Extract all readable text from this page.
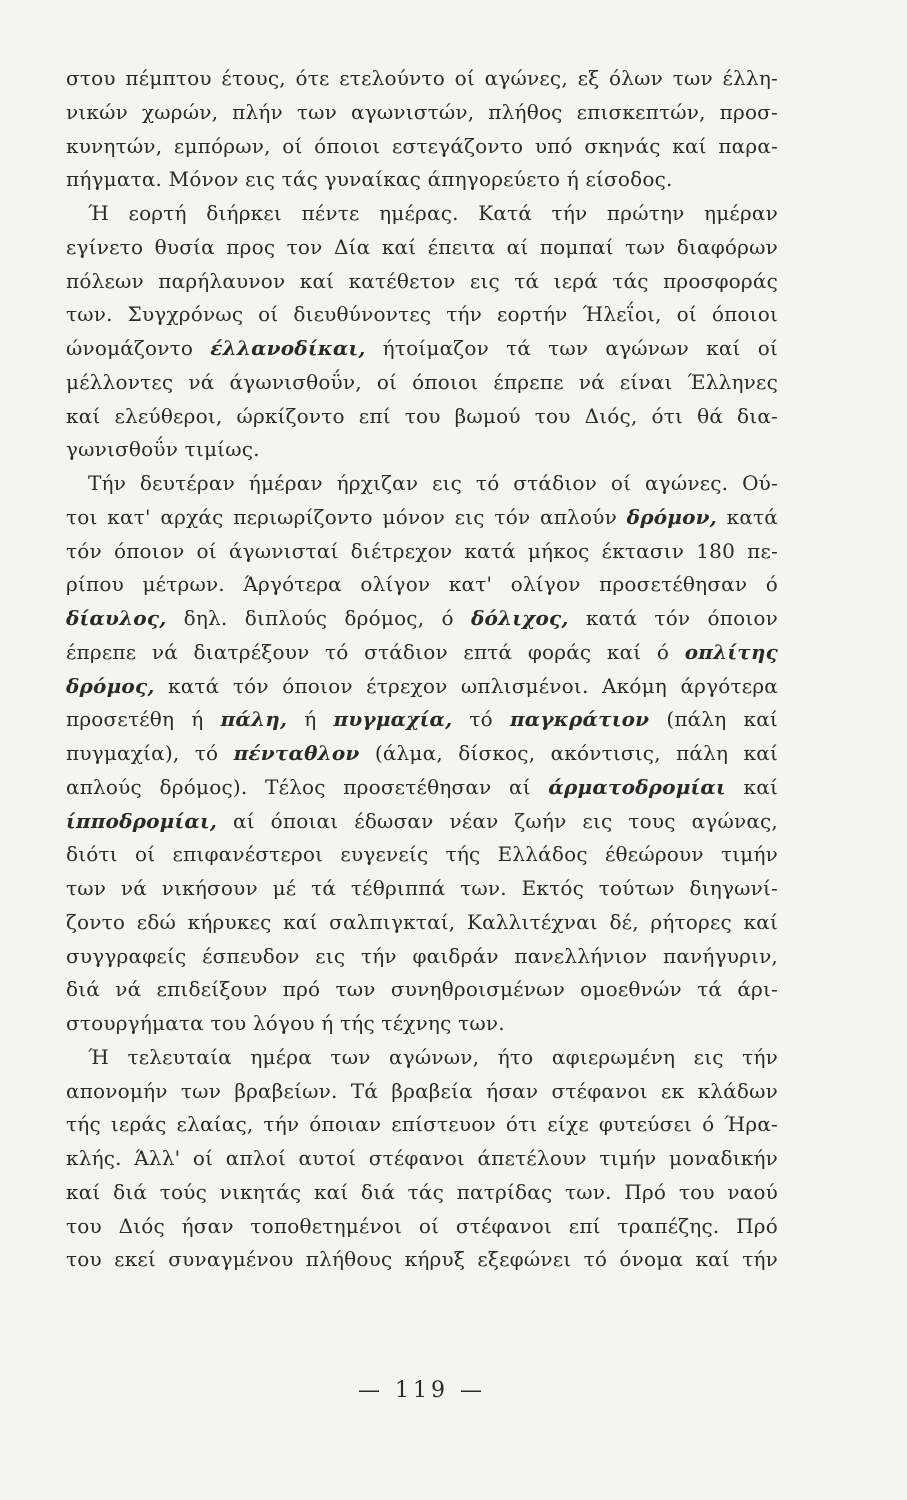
στου πέμπτου έτους, ότε ετελούντο οί αγώνες, εξ όλων των έλλη-
νικών χωρών, πλήν των αγωνιστών, πλήθος επισκεπτών, προσ-
κυνητών, εμπόρων, οί όποιοι εστεγάζοντο υπό σκηνάς καί παρα-
πήγματα. Μόνον εις τάς γυναίκας άπηγορεύετο ή είσοδος.
Ή εορτή διήρκει πέντε ημέρας. Κατά τήν πρώτην ημέραν
εγίνετο θυσία προς τον Δία καί έπειτα αί πομπαί των διαφόρων
πόλεων παρήλαυνον καί κατέθετον εις τά ιερά τάς προσφοράς
των. Συγχρόνως οί διευθύνοντες τήν εορτήν Ήλεΐοι, οί όποιοι
ώνομάζοντο έλλανοδίκαι, ήτοίμαζον τά των αγώνων καί οί
μέλλοντες νά άγωνισθοΰν, οί όποιοι έπρεπε νά είναι Έλληνες
καί ελεύθεροι, ώρκίζοντο επί του βωμού του Διός, ότι θά δια-
γωνισθοΰν τιμίως.
Τήν δευτέραν ήμέραν ήρχιζαν εις τό στάδιον οί αγώνες. Ού-
τοι κατ' αρχάς περιωρίζοντο μόνον εις τόν απλούν δρόμον, κατά
τόν όποιον οί άγωνισταί διέτρεχον κατά μήκος έκτασιν 180 πε-
ρίπου μέτρων. Άργότερα ολίγον κατ' ολίγον προσετέθησαν ό
δίαυλος, δηλ. διπλούς δρόμος, ό δόλιχος, κατά τόν όποιον
έπρεπε νά διατρέξουν τό στάδιον επτά φοράς καί ό οπλίτης
δρόμος, κατά τόν όποιον έτρεχον ωπλισμένοι. Ακόμη άργότερα
προσετέθη ή πάλη, ή πυγμαχία, τό παγκράτιον (πάλη καί
πυγμαχία), τό πένταθλον (άλμα, δίσκος, ακόντισις, πάλη καί
απλούς δρόμος). Τέλος προσετέθησαν αί άρματοδρομίαι καί
ίπποδρομίαι, αί όποιαι έδωσαν νέαν ζωήν εις τους αγώνας,
διότι οί επιφανέστεροι ευγενείς τής Ελλάδος έθεώρουν τιμήν
των νά νικήσουν μέ τά τέθριππά των. Εκτός τούτων διηγωνί-
ζοντο εδώ κήρυκες καί σαλπιγκταί, Καλλιτέχναι δέ, ρήτορες καί
συγγραφείς έσπευδον εις τήν φαιδράν πανελλήνιον πανήγυριν,
διά νά επιδείξουν πρό των συνηθροισμένων ομοεθνών τά άρι-
στουργήματα του λόγου ή τής τέχνης των.
Ή τελευταία ημέρα των αγώνων, ήτο αφιερωμένη εις τήν
απονομήν των βραβείων. Τά βραβεία ήσαν στέφανοι εκ κλάδων
τής ιεράς ελαίας, τήν όποιαν επίστευον ότι είχε φυτεύσει ό Ήρα-
κλής. Άλλ' οί απλοί αυτοί στέφανοι άπετέλουν τιμήν μοναδικήν
καί διά τούς νικητάς καί διά τάς πατρίδας των. Πρό του ναού
του Διός ήσαν τοποθετημένοι οί στέφανοι επί τραπέζης. Πρό
του εκεί συναγμένου πλήθους κήρυξ εξεφώνει τό όνομα καί τήν
— 119 —
